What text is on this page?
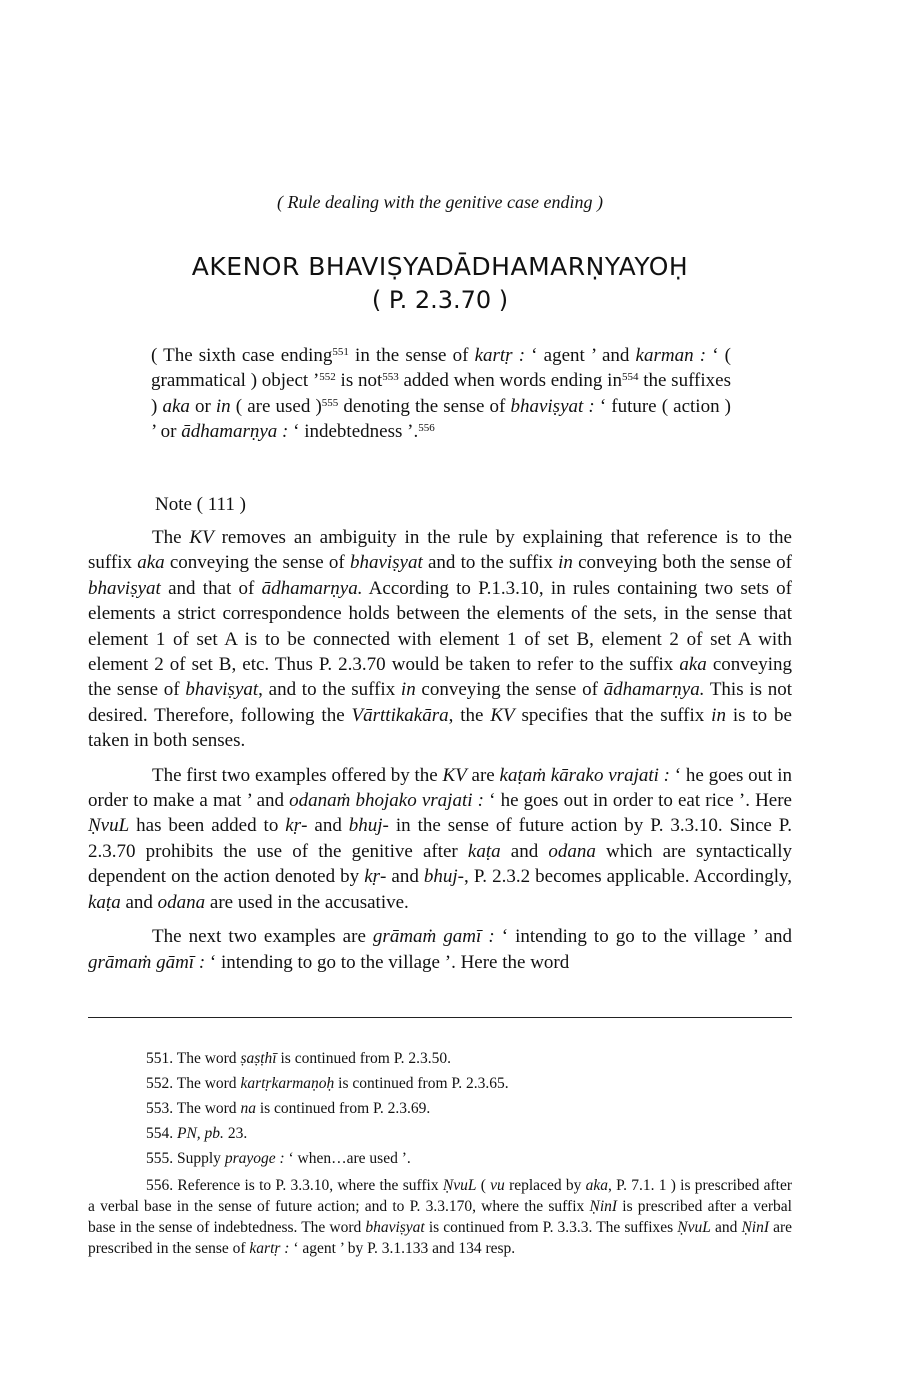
( Rule dealing with the genitive case ending )
AKENOR BHAVIṢYADĀDHAMARṆYAYOḤ
( P. 2.3.70 )
( The sixth case ending$^{551}$ in the sense of kartṛ : ‘ agent ’ and karman : ‘ ( grammatical ) object ’$^{552}$ is not$^{553}$ added when words ending $in^{554}$ the suffixes ) aka or in ( are used )$^{555}$ denoting the sense of bhaviṣyat : ‘ future ( action ) ’ or ādhamarṇya : ‘ indebtedness ’.$^{556}$
Note ( 111 )

The KV removes an ambiguity in the rule by explaining that reference is to the suffix aka conveying the sense of bhaviṣyat and to the suffix in conveying both the sense of bhaviṣyat and that of ādhamarṇya. According to P.1.3.10, in rules containing two sets of elements a strict correspondence holds between the elements of the sets, in the sense that element 1 of set A is to be connected with element 1 of set B, element 2 of set A with element 2 of set B, etc. Thus P. 2.3.70 would be taken to refer to the suffix aka conveying the sense of bhaviṣyat, and to the suffix in conveying the sense of ādhamarṇya. This is not desired. Therefore, following the Vārttikakāra, the KV specifies that the suffix in is to be taken in both senses.

The first two examples offered by the KV are kaṭaṁ kārako vrajati : ‘ he goes out in order to make a mat ’ and odanaṁ bhojako vrajati : ‘ he goes out in order to eat rice ’. Here ṆvuL has been added to kṛ- and bhuj- in the sense of future action by P. 3.3.10. Since P. 2.3.70 prohibits the use of the genitive after kaṭa and odana which are syntactically dependent on the action denoted by kṛ- and bhuj-, P. 2.3.2 becomes applicable. Accordingly, kaṭa and odana are used in the accusative.

The next two examples are grāmaṁ gamī : ‘ intending to go to the village ’ and grāmaṁ gāmī : ‘ intending to go to the village ’. Here the word

551. The word ṣaṣṭhī is continued from P. 2.3.50.
552. The word kartṛkarmaṇoḥ is continued from P. 2.3.65.
553. The word na is continued from P. 2.3.69.
554. PN, pb. 23.
555. Supply prayoge : ‘ when…are used ’.
556. Reference is to P. 3.3.10, where the suffix ṆvuL ( vu replaced by aka, P. 7.1. 1 ) is prescribed after a verbal base in the sense of future action; and to P. 3.3.170, where the suffix ṆinI is prescribed after a verbal base in the sense of indebtedness. The word bhaviṣyat is continued from P. 3.3.3. The suffixes ṆvuL and ṆinI are prescribed in the sense of kartṛ : ‘ agent ’ by P. 3.1.133 and 134 resp.
